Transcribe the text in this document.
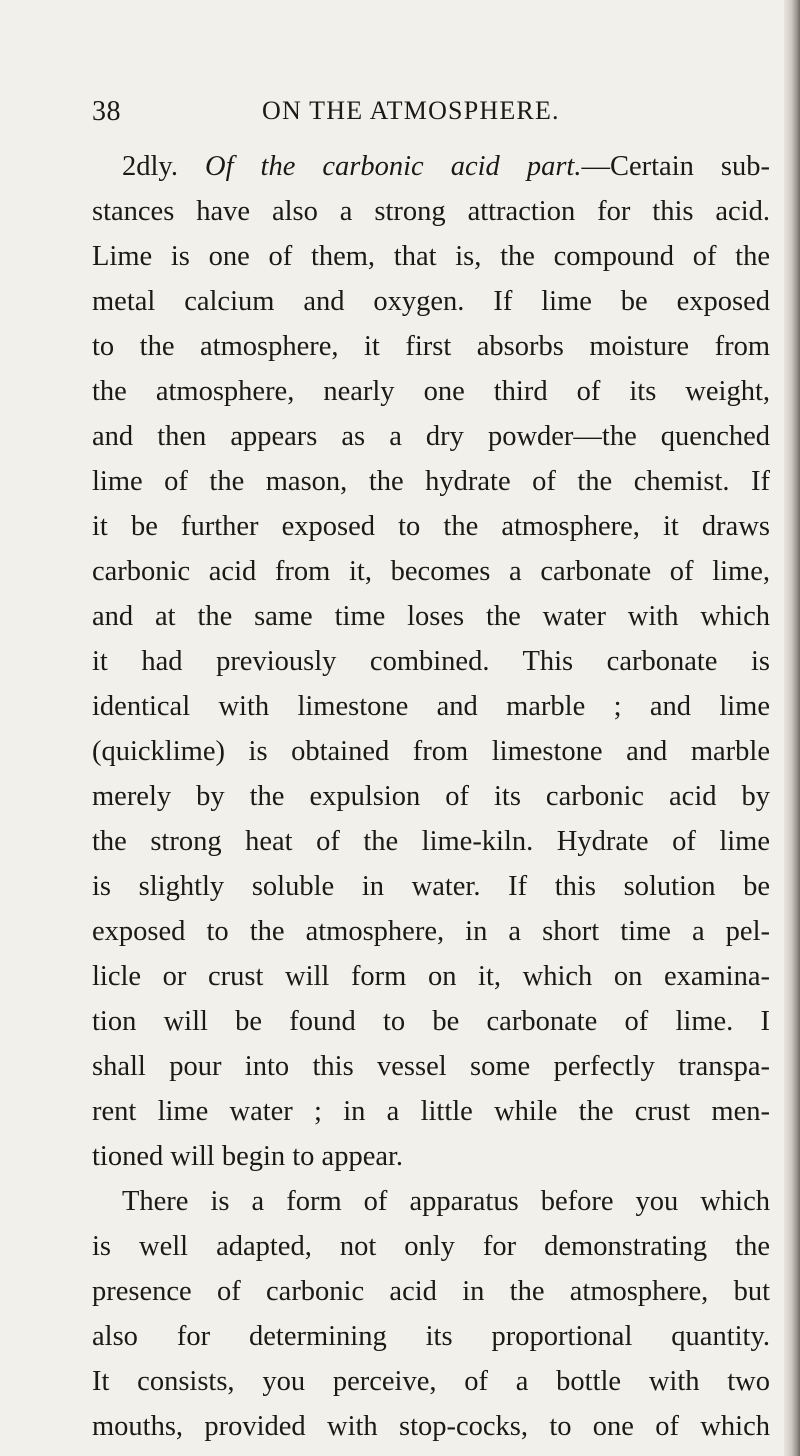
38	ON THE ATMOSPHERE.
2dly. Of the carbonic acid part.—Certain sub-
stances have also a strong attraction for this acid.
Lime is one of them, that is, the compound of the
metal calcium and oxygen. If lime be exposed
to the atmosphere, it first absorbs moisture from
the atmosphere, nearly one third of its weight,
and then appears as a dry powder—the quenched
lime of the mason, the hydrate of the chemist. If
it be further exposed to the atmosphere, it draws
carbonic acid from it, becomes a carbonate of lime,
and at the same time loses the water with which
it had previously combined. This carbonate is
identical with limestone and marble ; and lime
(quicklime) is obtained from limestone and marble
merely by the expulsion of its carbonic acid by
the strong heat of the lime-kiln. Hydrate of lime
is slightly soluble in water. If this solution be
exposed to the atmosphere, in a short time a pel-
licle or crust will form on it, which on examina-
tion will be found to be carbonate of lime. I
shall pour into this vessel some perfectly transpa-
rent lime water ; in a little while the crust men-
tioned will begin to appear.
There is a form of apparatus before you which
is well adapted, not only for demonstrating the
presence of carbonic acid in the atmosphere, but
also for determining its proportional quantity.
It consists, you perceive, of a bottle with two
mouths, provided with stop-cocks, to one of which
